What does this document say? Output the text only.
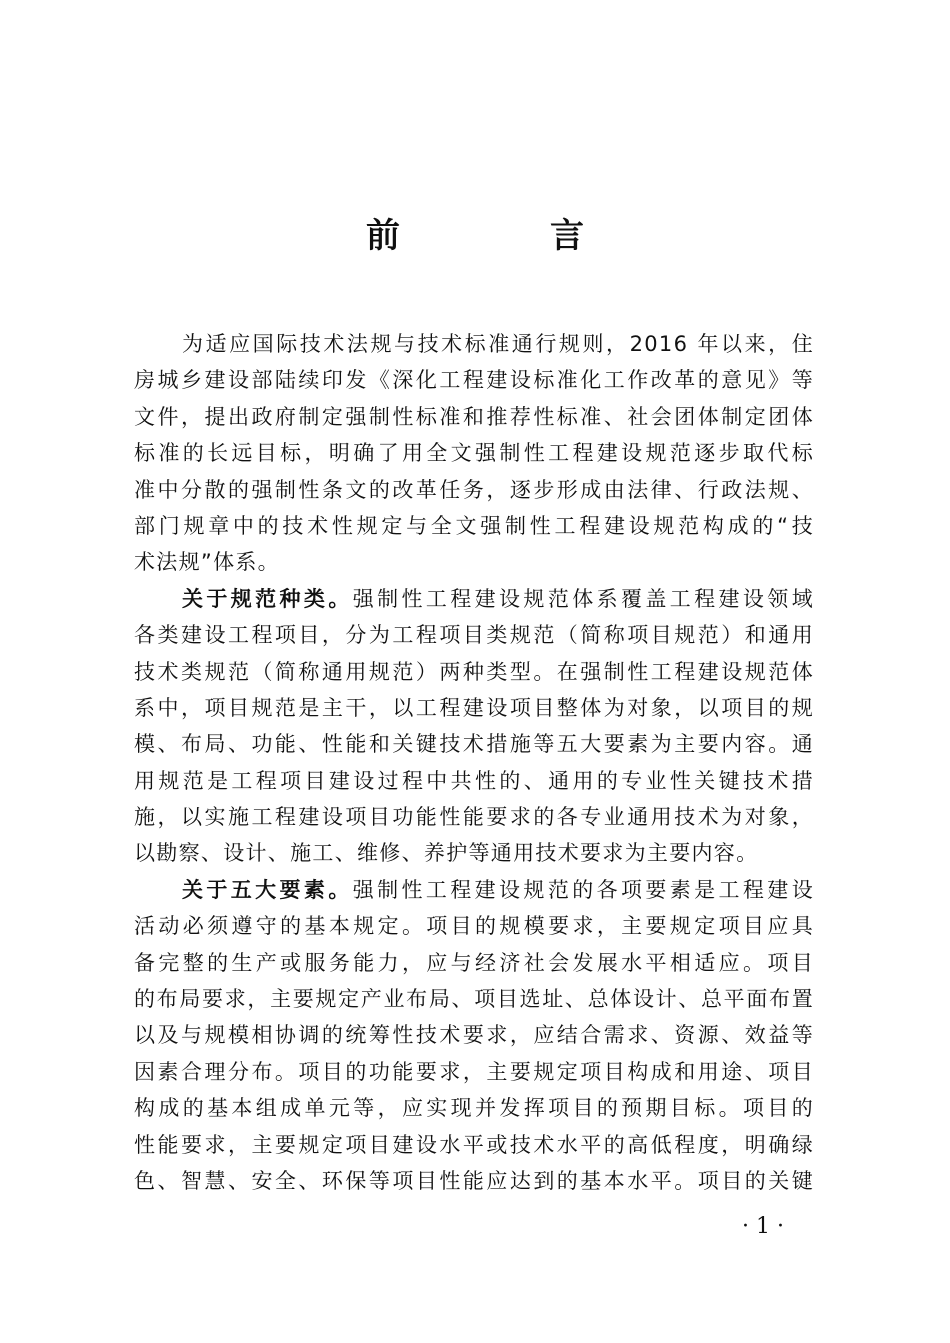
前　言
为适应国际技术法规与技术标准通行规则，2016 年以来，住
房城乡建设部陆续印发《深化工程建设标准化工作改革的意见》等
文件，提出政府制定强制性标准和推荐性标准、社会团体制定团体
标准的长远目标，明确了用全文强制性工程建设规范逐步取代标
准中分散的强制性条文的改革任务，逐步形成由法律、行政法规、
部门规章中的技术性规定与全文强制性工程建设规范构成的“技
术法规”体系。
关于规范种类。强制性工程建设规范体系覆盖工程建设领域
各类建设工程项目，分为工程项目类规范（简称项目规范）和通用
技术类规范（简称通用规范）两种类型。在强制性工程建设规范体
系中，项目规范是主干，以工程建设项目整体为对象，以项目的规
模、布局、功能、性能和关键技术措施等五大要素为主要内容。通
用规范是工程项目建设过程中共性的、通用的专业性关键技术措
施，以实施工程建设项目功能性能要求的各专业通用技术为对象，
以勘察、设计、施工、维修、养护等通用技术要求为主要内容。
关于五大要素。强制性工程建设规范的各项要素是工程建设
活动必须遵守的基本规定。项目的规模要求，主要规定项目应具
备完整的生产或服务能力，应与经济社会发展水平相适应。项目
的布局要求，主要规定产业布局、项目选址、总体设计、总平面布置
以及与规模相协调的统筹性技术要求，应结合需求、资源、效益等
因素合理分布。项目的功能要求，主要规定项目构成和用途、项目
构成的基本组成单元等，应实现并发挥项目的预期目标。项目的
性能要求，主要规定项目建设水平或技术水平的高低程度，明确绿
色、智慧、安全、环保等项目性能应达到的基本水平。项目的关键
· 1 ·
